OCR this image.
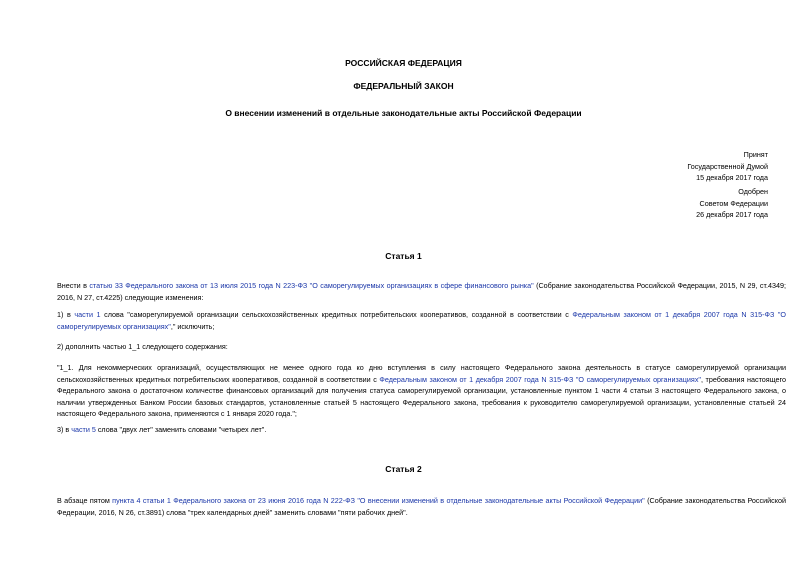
РОССИЙСКАЯ ФЕДЕРАЦИЯ
ФЕДЕРАЛЬНЫЙ ЗАКОН
О внесении изменений в отдельные законодательные акты Российской Федерации
Принят
Государственной Думой
15 декабря 2017 года
Одобрен
Советом Федерации
26 декабря 2017 года
Статья 1
Внести в статью 33 Федерального закона от 13 июля 2015 года N 223-ФЗ "О саморегулируемых организациях в сфере финансового рынка" (Собрание законодательства Российской Федерации, 2015, N 29, ст.4349; 2016, N 27, ст.4225) следующие изменения:
1) в части 1 слова "саморегулируемой организации сельскохозяйственных кредитных потребительских кооперативов, созданной в соответствии с Федеральным законом от 1 декабря 2007 года N 315-ФЗ "О саморегулируемых организациях"," исключить;
2) дополнить частью 1_1 следующего содержания:
"1_1. Для некоммерческих организаций, осуществляющих не менее одного года ко дню вступления в силу настоящего Федерального закона деятельность в статусе саморегулируемой организации сельскохозяйственных кредитных потребительских кооперативов, созданной в соответствии с Федеральным законом от 1 декабря 2007 года N 315-ФЗ "О саморегулируемых организациях", требования настоящего Федерального закона о достаточном количестве финансовых организаций для получения статуса саморегулируемой организации, установленные пунктом 1 части 4 статьи 3 настоящего Федерального закона, о наличии утвержденных Банком России базовых стандартов, установленные статьей 5 настоящего Федерального закона, требования к руководителю саморегулируемой организации, установленные статьей 24 настоящего Федерального закона, применяются с 1 января 2020 года.";
3) в части 5 слова "двух лет" заменить словами "четырех лет".
Статья 2
В абзаце пятом пункта 4 статьи 1 Федерального закона от 23 июня 2016 года N 222-ФЗ "О внесении изменений в отдельные законодательные акты Российской Федерации" (Собрание законодательства Российской Федерации, 2016, N 26, ст.3891) слова "трех календарных дней" заменить словами "пяти рабочих дней".
